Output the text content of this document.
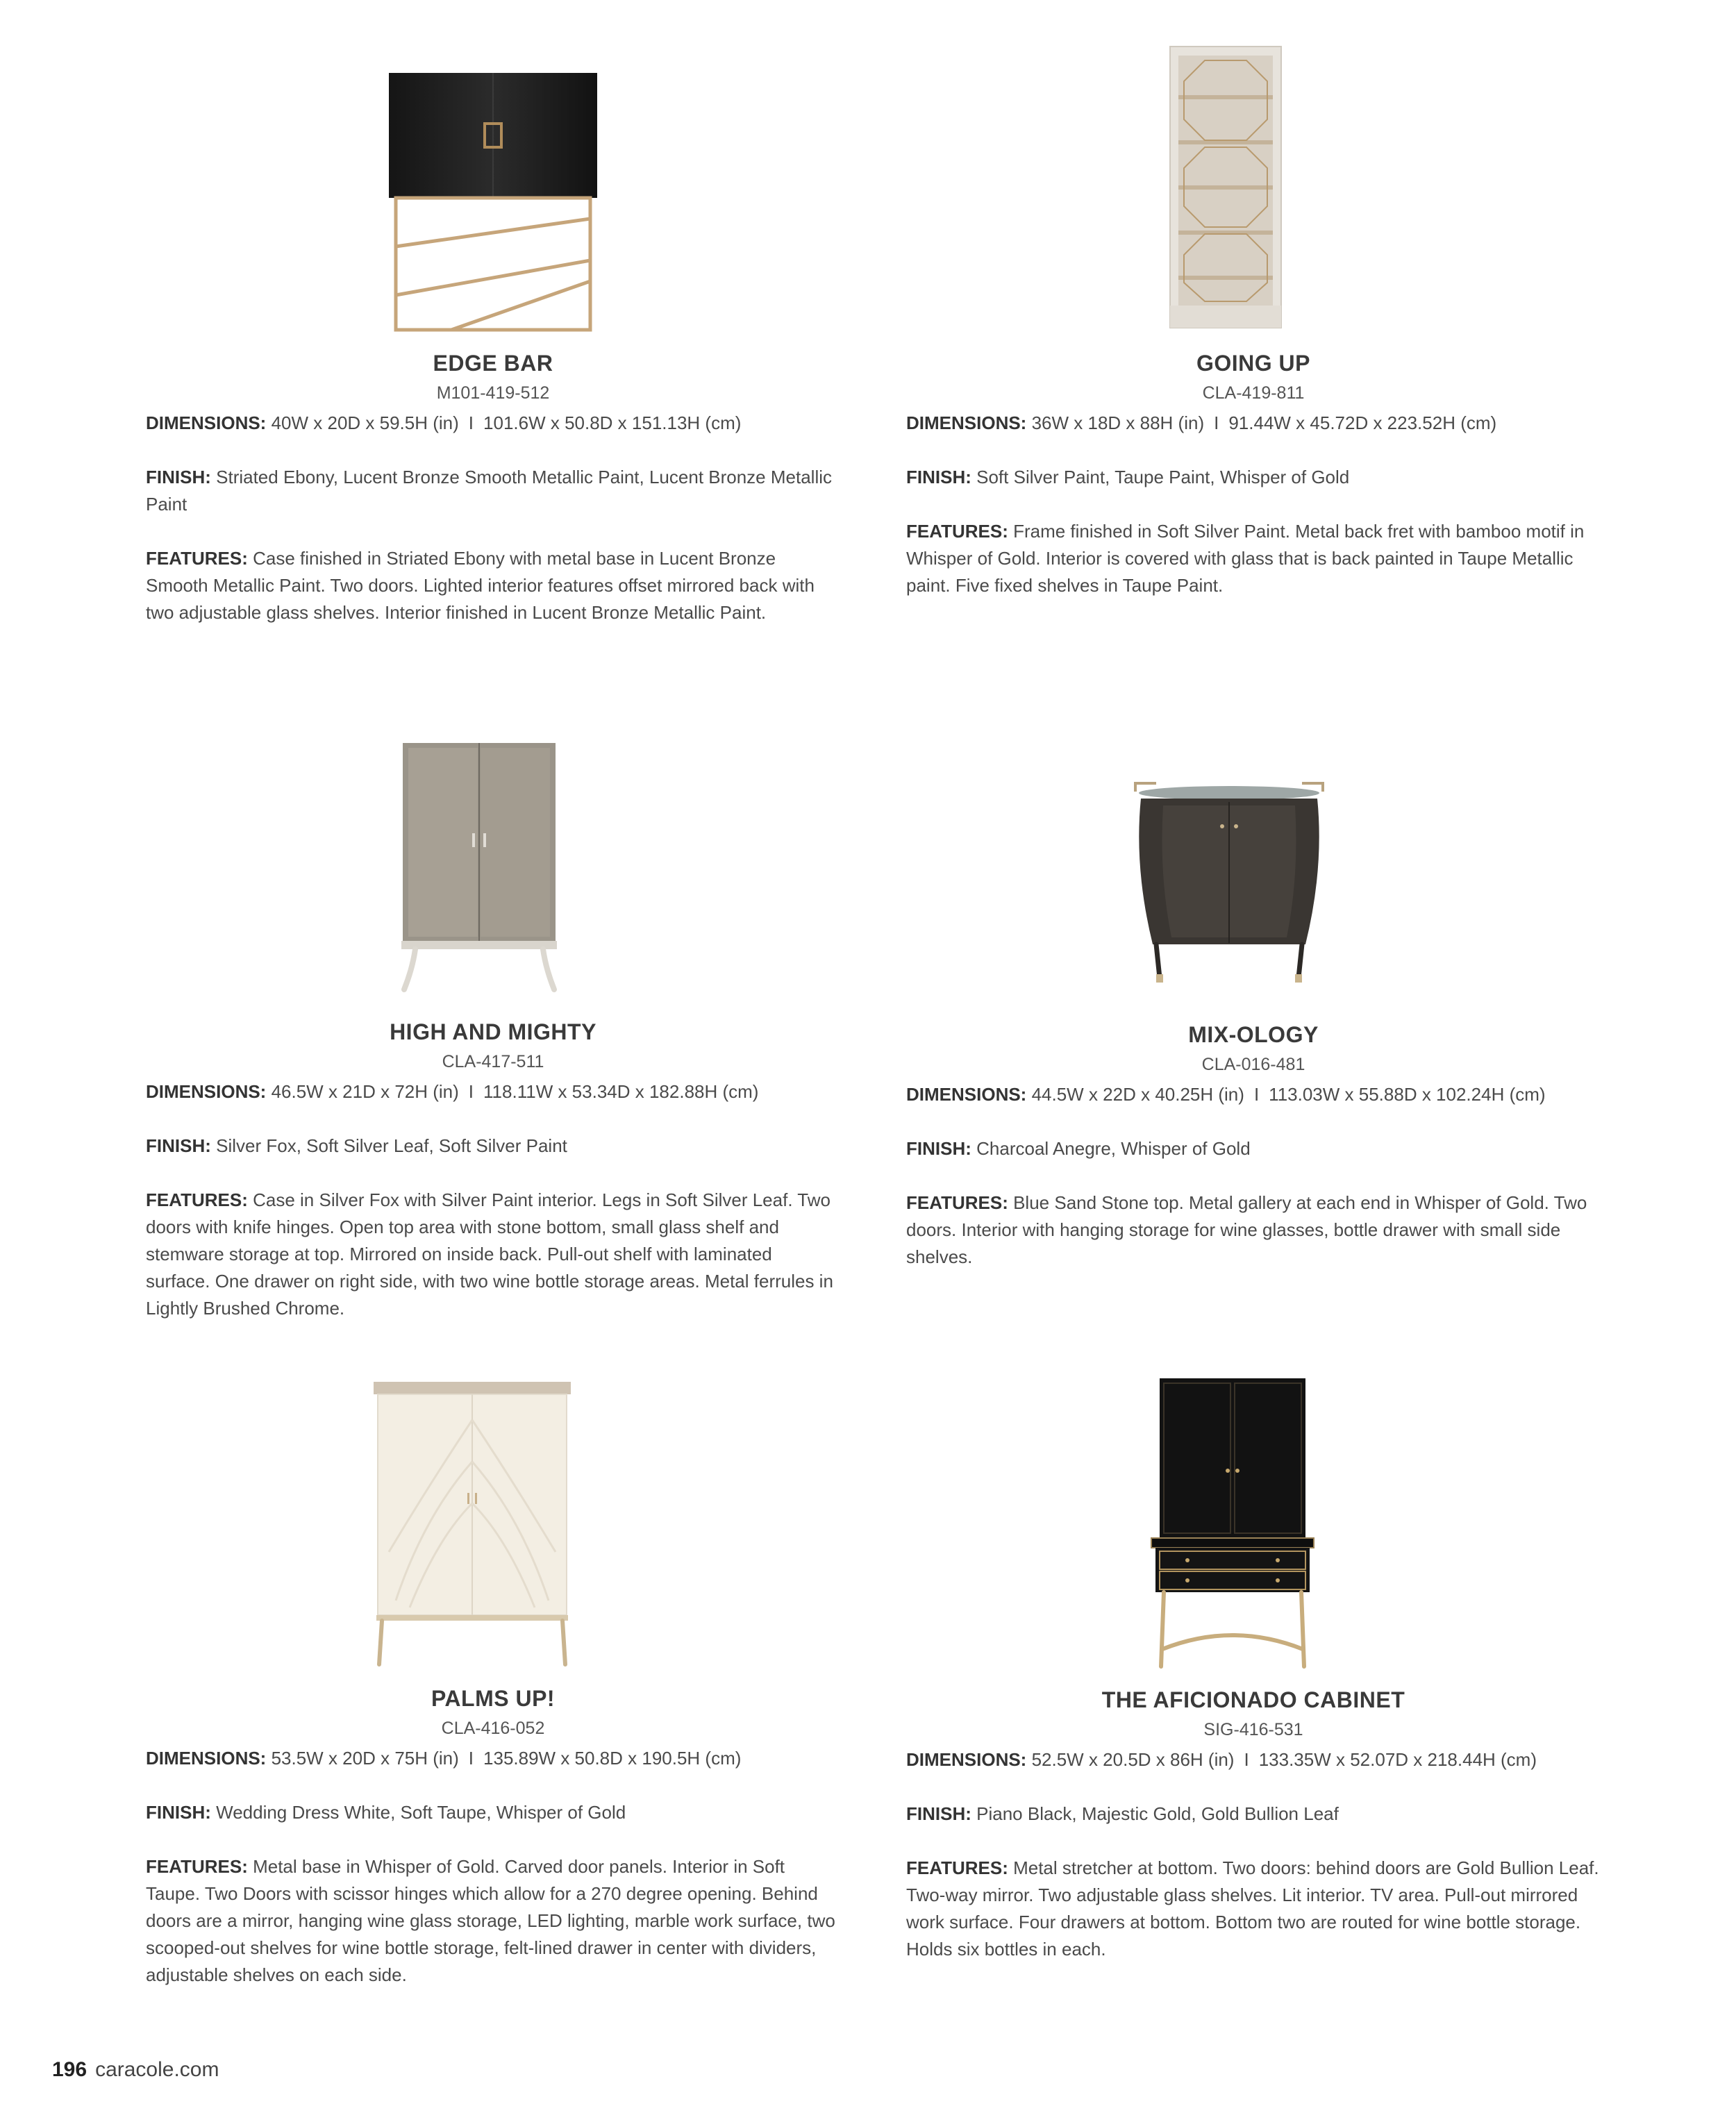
EDGE BAR
M101-419-512

DIMENSIONS: 40W x 20D x 59.5H (in) I 101.6W x 50.8D x 151.13H (cm)

FINISH: Striated Ebony, Lucent Bronze Smooth Metallic Paint, Lucent Bronze Metallic Paint

FEATURES: Case finished in Striated Ebony with metal base in Lucent Bronze Smooth Metallic Paint. Two doors. Lighted interior features offset mirrored back with two adjustable glass shelves. Interior finished in Lucent Bronze Metallic Paint.

GOING UP
CLA-419-811

DIMENSIONS: 36W x 18D x 88H (in) I 91.44W x 45.72D x 223.52H (cm)

FINISH: Soft Silver Paint, Taupe Paint, Whisper of Gold

FEATURES: Frame finished in Soft Silver Paint. Metal back fret with bamboo motif in Whisper of Gold. Interior is covered with glass that is back painted in Taupe Metallic paint. Five fixed shelves in Taupe Paint.

HIGH AND MIGHTY
CLA-417-511

DIMENSIONS: 46.5W x 21D x 72H (in) I 118.11W x 53.34D x 182.88H (cm)

FINISH: Silver Fox, Soft Silver Leaf, Soft Silver Paint

FEATURES: Case in Silver Fox with Silver Paint interior. Legs in Soft Silver Leaf. Two doors with knife hinges. Open top area with stone bottom, small glass shelf and stemware storage at top. Mirrored on inside back. Pull-out shelf with laminated surface. One drawer on right side, with two wine bottle storage areas. Metal ferrules in Lightly Brushed Chrome.

MIX-OLOGY
CLA-016-481

DIMENSIONS: 44.5W x 22D x 40.25H (in) I 113.03W x 55.88D x 102.24H (cm)

FINISH: Charcoal Anegre, Whisper of Gold

FEATURES: Blue Sand Stone top. Metal gallery at each end in Whisper of Gold. Two doors. Interior with hanging storage for wine glasses, bottle drawer with small side shelves.

PALMS UP!
CLA-416-052

DIMENSIONS: 53.5W x 20D x 75H (in) I 135.89W x 50.8D x 190.5H (cm)

FINISH: Wedding Dress White, Soft Taupe, Whisper of Gold

FEATURES: Metal base in Whisper of Gold. Carved door panels. Interior in Soft Taupe. Two Doors with scissor hinges which allow for a 270 degree opening. Behind doors are a mirror, hanging wine glass storage, LED lighting, marble work surface, two scooped-out shelves for wine bottle storage, felt-lined drawer in center with dividers, adjustable shelves on each side.

THE AFICIONADO CABINET
SIG-416-531

DIMENSIONS: 52.5W x 20.5D x 86H (in) I 133.35W x 52.07D x 218.44H (cm)

FINISH: Piano Black, Majestic Gold, Gold Bullion Leaf

FEATURES: Metal stretcher at bottom. Two doors: behind doors are Gold Bullion Leaf. Two-way mirror. Two adjustable glass shelves. Lit interior. TV area. Pull-out mirrored work surface. Four drawers at bottom. Bottom two are routed for wine bottle storage. Holds six bottles in each.

196 caracole.com
